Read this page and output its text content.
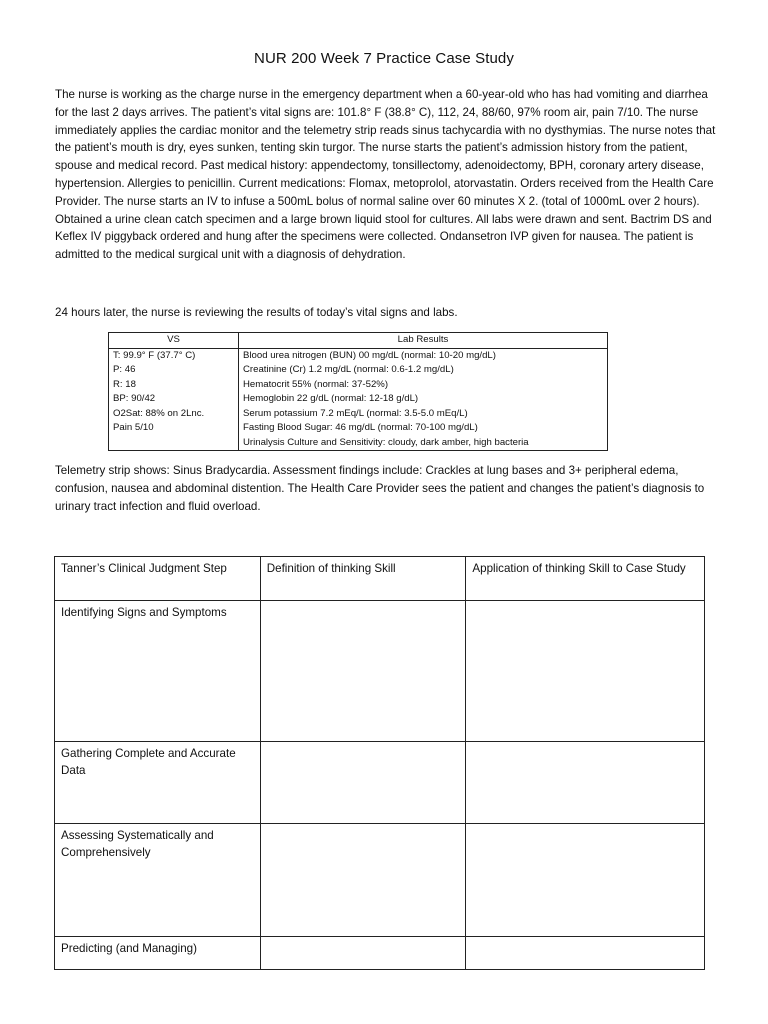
NUR 200 Week 7 Practice Case Study

The nurse is working as the charge nurse in the emergency department when a 60-year-old who has had vomiting and diarrhea for the last 2 days arrives. The patient’s vital signs are: 101.8° F (38.8° C), 112, 24, 88/60, 97% room air, pain 7/10. The nurse immediately applies the cardiac monitor and the telemetry strip reads sinus tachycardia with no dysthymias. The nurse notes that the patient’s mouth is dry, eyes sunken, tenting skin turgor. The nurse starts the patient’s admission history from the patient, spouse and medical record. Past medical history: appendectomy, tonsillectomy, adenoidectomy, BPH, coronary artery disease, hypertension. Allergies to penicillin. Current medications: Flomax, metoprolol, atorvastatin. Orders received from the Health Care Provider. The nurse starts an IV to infuse a 500mL bolus of normal saline over 60 minutes X 2. (total of 1000mL over 2 hours). Obtained a urine clean catch specimen and a large brown liquid stool for cultures. All labs were drawn and sent. Bactrim DS and Keflex IV piggyback ordered and hung after the specimens were collected. Ondansetron IVP given for nausea. The patient is admitted to the medical surgical unit with a diagnosis of dehydration.

24 hours later, the nurse is reviewing the results of today’s vital signs and labs.

VS	Lab Results
T: 99.9° F (37.7° C)	Blood urea nitrogen (BUN) 00 mg/dL (normal: 10-20 mg/dL)
P: 46	Creatinine (Cr) 1.2 mg/dL (normal: 0.6-1.2 mg/dL)
R: 18	Hematocrit 55% (normal: 37-52%)
BP: 90/42	Hemoglobin 22 g/dL (normal: 12-18 g/dL)
O2Sat: 88% on 2Lnc.	Serum potassium 7.2 mEq/L (normal: 3.5-5.0 mEq/L)
Pain 5/10	Fasting Blood Sugar: 46 mg/dL (normal: 70-100 mg/dL)
	Urinalysis Culture and Sensitivity: cloudy, dark amber, high bacteria

Telemetry strip shows: Sinus Bradycardia. Assessment findings include: Crackles at lung bases and 3+ peripheral edema, confusion, nausea and abdominal distention. The Health Care Provider sees the patient and changes the patient’s diagnosis to urinary tract infection and fluid overload.

Tanner’s Clinical Judgment Step	Definition of thinking Skill	Application of thinking Skill to Case Study
Identifying Signs and Symptoms		
Gathering Complete and Accurate Data		
Assessing Systematically and Comprehensively		
Predicting (and Managing)		
